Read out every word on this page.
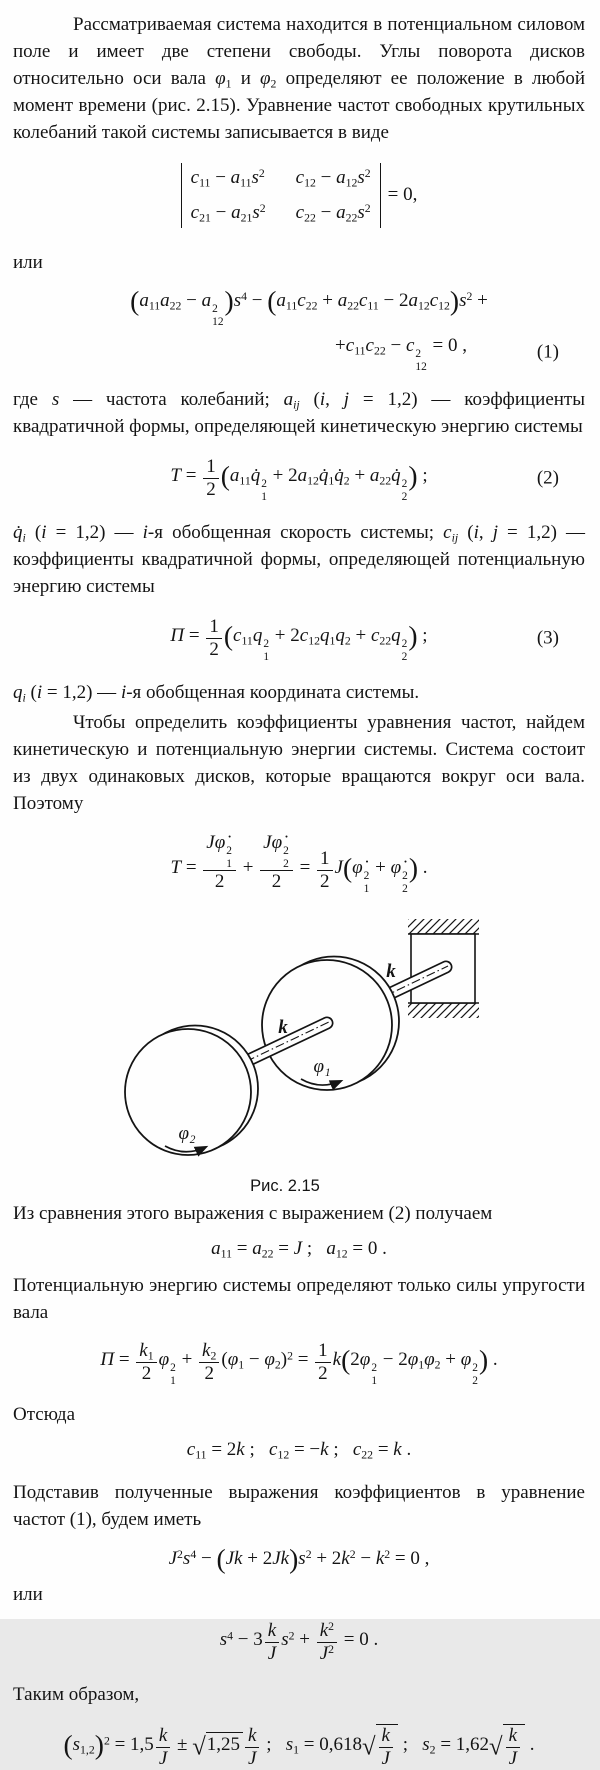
Рассматриваемая система находится в потенциальном силовом поле и имеет две степени свободы. Углы поворота дисков относительно оси вала $\varphi_1$ и $\varphi_2$ определяют ее положение в любой момент времени (рис. 2.15). Уравнение частот свободных крутильных колебаний такой системы записывается в виде

$c_{11} - a_{11}s^2$ $c_{12} - a_{12}s^2$
$c_{21} - a_{21}s^2$ $c_{22} - a_{22}s^2$
= 0,

или

($a_{11}a_{22} - a$ 2
12
)$s^4 - (a_{11}c_{22} + a_{22}c_{11} - 2a_{12}c_{12})s^2$ +
$+c_{11}c_{22} - c$ 2
12
= 0 ,	(1)

где s — частота колебаний; $a_{ij}$ (i, j = 1,2) — коэффициенты квадратичной формы, определяющей кинетическую энергию системы

$T = \frac{1}{2}$ ($a_{11}q̇$ 2
1
+ $2a_{12}q̇_1q̇_2$ + $a_{22}q̇$ 2
2
) ;	(2)

$q̇_i$ (i = 1,2) — i-я обобщенная скорость системы; $c_{ij}$ (i, j = 1,2) — коэффициенты квадратичной формы, определяющей потенциальную энергию системы

$П = \frac{1}{2} (c_{11}q$ 2
1
+ $2c_{12}q_1q_2 + c_{22}q$ 2
2
) ;	(3)

$q_i$ (i = 1,2) — i-я обобщенная координата системы.

Чтобы определить коэффициенты уравнения частот, найдем кинетическую и потенциальную энергии системы. Система состоит из двух одинаковых дисков, которые вращаются вокруг оси вала. Поэтому

T = Jφ̇ 2
1
2 + Jφ̇ 2
2
$2 = \frac{1}{2}$ J(φ̇ 2
1
+ φ̇ 2
2
) .
k
k
φ₁
φ₂
Рис. 2.15

Из сравнения этого выражения с выражением (2) получаем

$a_{11} = a_{22} = J$ ;   $a_{12} = 0$ .

Потенциальную энергию системы определяют только силы упругости вала

$П = \frac{k_1}{2}$ φ 2
1
+ $\frac{k_2}{2} (\varphi_1 - \varphi_2)^2 = \frac{1}{2} k(2\varphi$ 2
1
− $2\varphi_1\varphi_2 + \varphi$ 2
2
) .

Отсюда

$c_{11} = 2k$ ;   $c_{12} = -k$ ;   $c_{22} = k$ .

Подставив полученные выражения коэффициентов в уравнение частот (1), будем иметь

$J^2s^4 - (Jk + 2Jk)s^2 + 2k^2 - k^2 = 0$ ,

или

$s^4 - 3 \frac{k}{J} s^2 + \frac{k^2}{J^2} = 0$ .

Таким образом,

$(s_{1,2})^2 = 1,5 \frac{k}{J} \pm √1,25 \frac{k}{J}$ ;   $s_1 = 0,618√ \frac{k}{J}$ ;   $s_2 = 1,62√ \frac{k}{J}$ .
